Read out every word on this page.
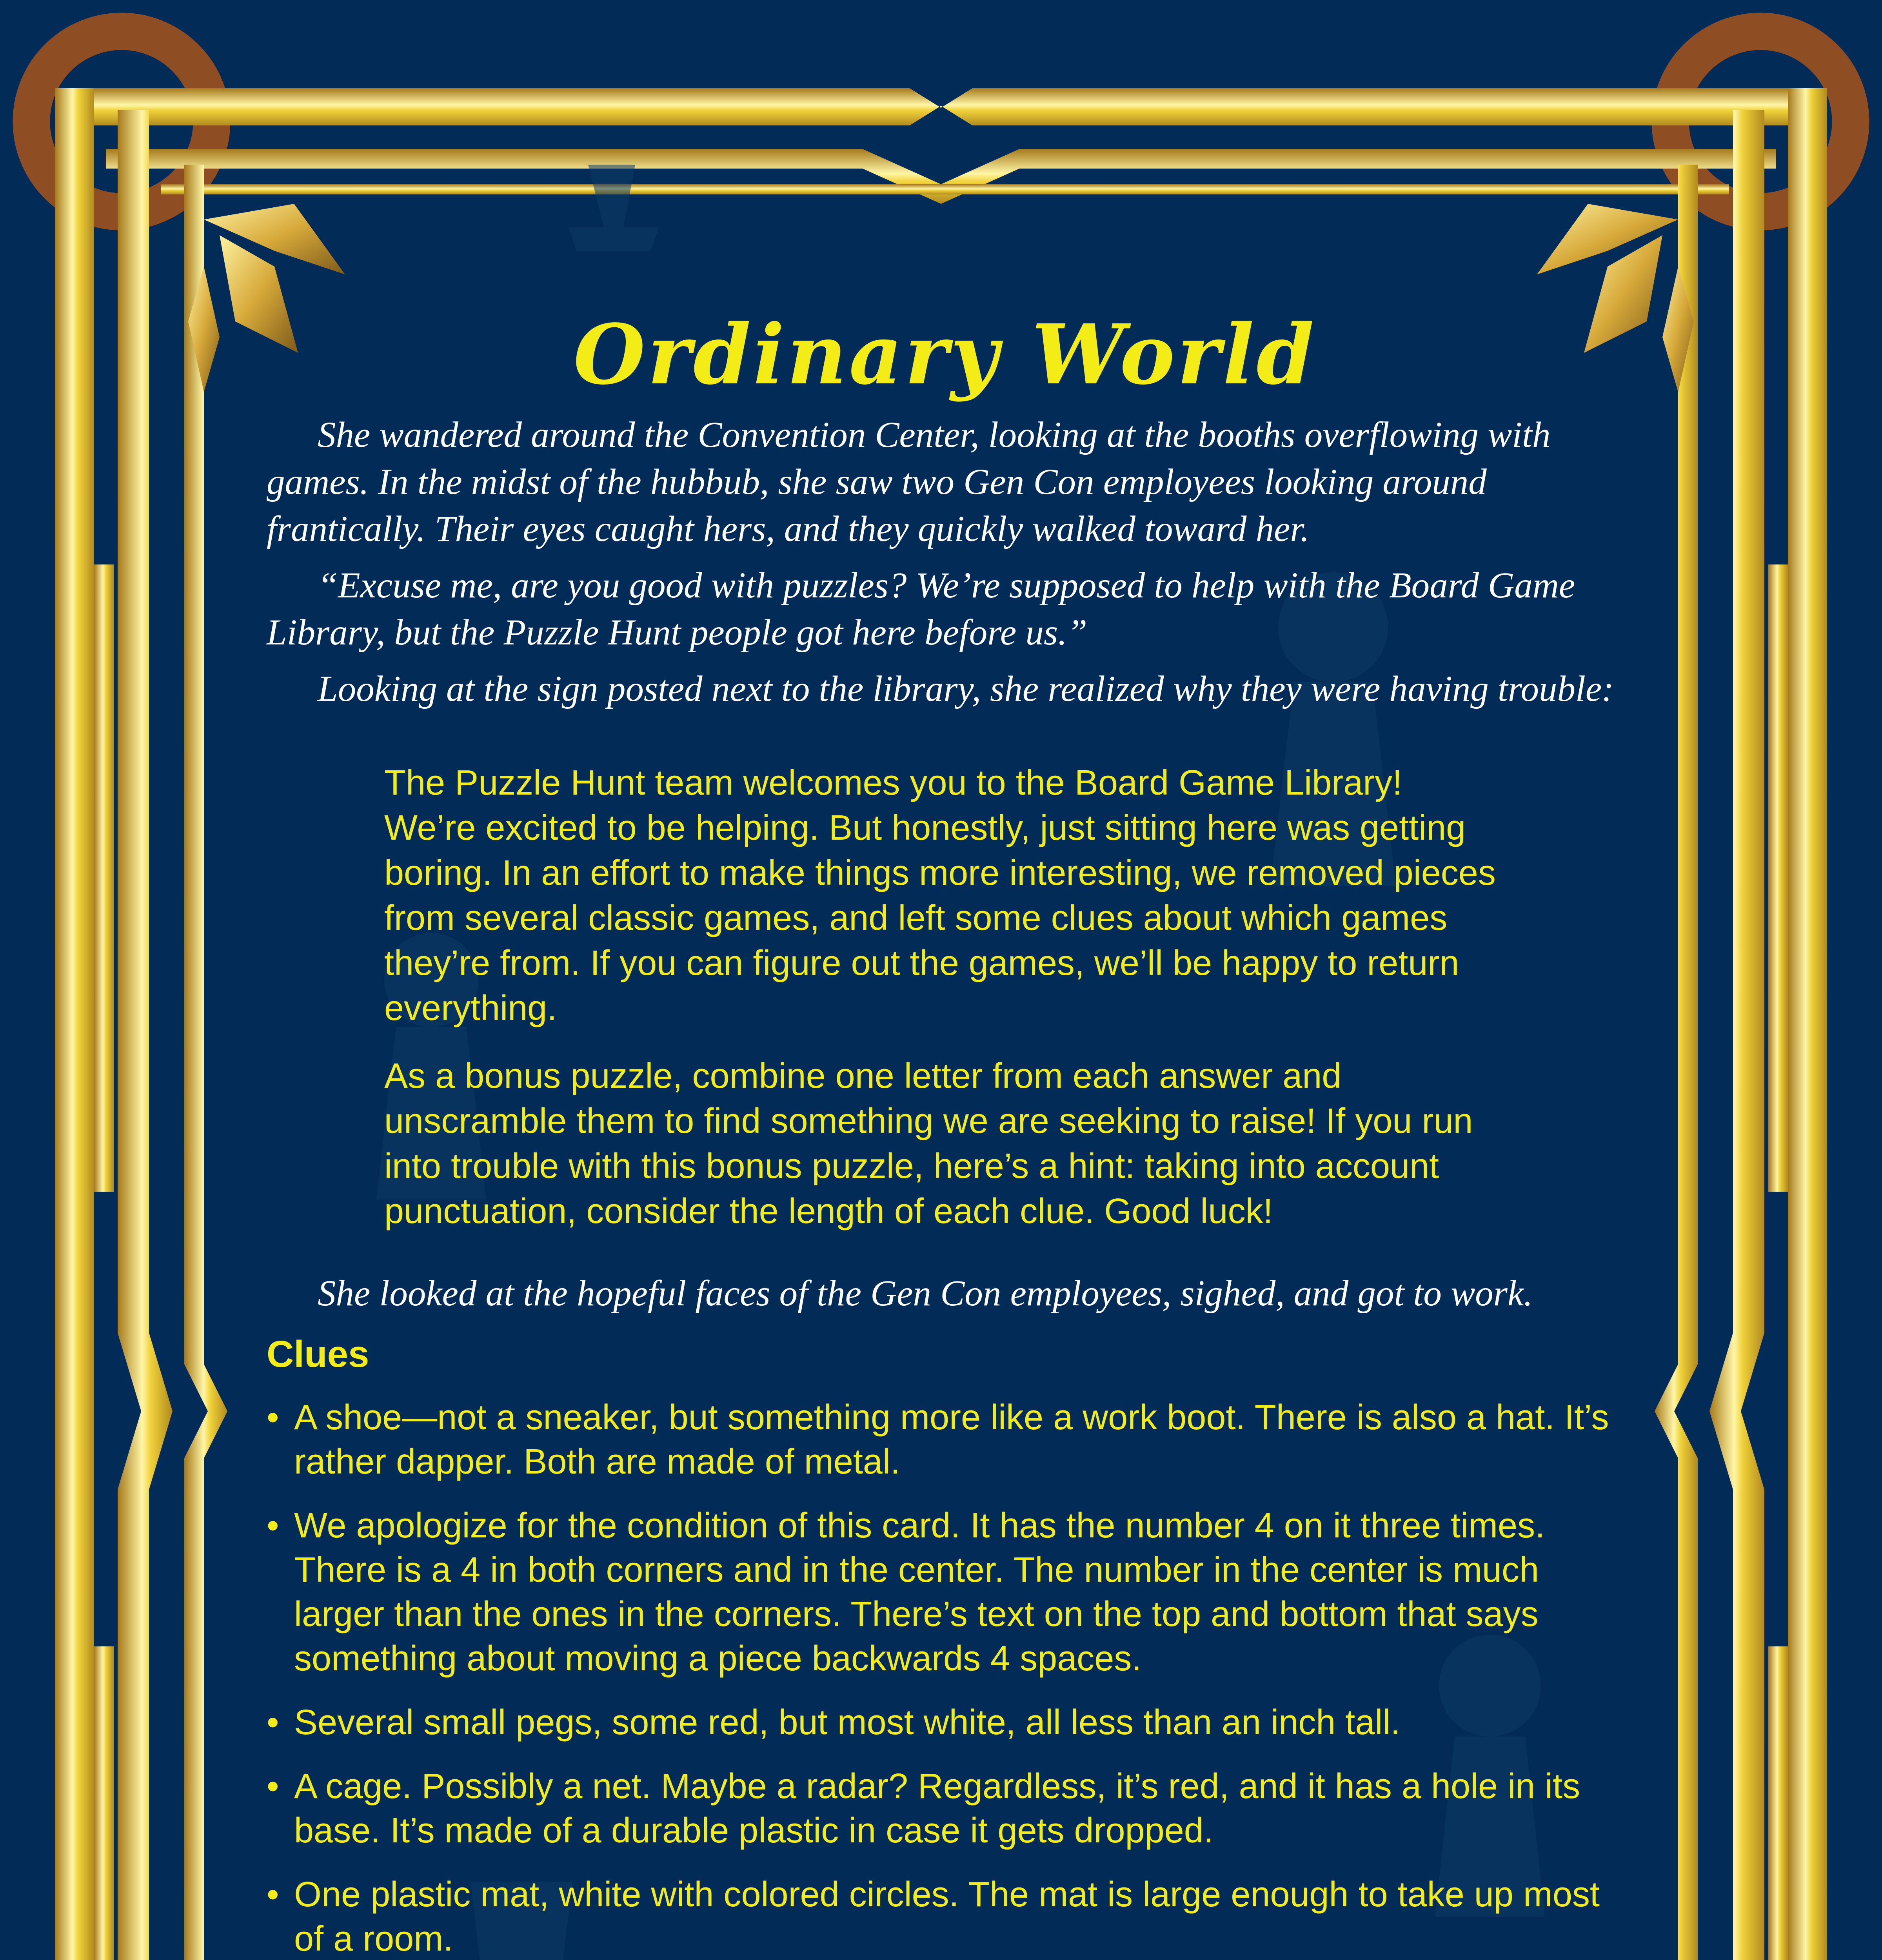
Ordinary World

She wandered around the Convention Center, looking at the booths overflowing with games. In the midst of the hubbub, she saw two Gen Con employees looking around frantically. Their eyes caught hers, and they quickly walked toward her.

“Excuse me, are you good with puzzles? We’re supposed to help with the Board Game Library, but the Puzzle Hunt people got here before us.”

Looking at the sign posted next to the library, she realized why they were having trouble:

The Puzzle Hunt team welcomes you to the Board Game Library! We’re excited to be helping. But honestly, just sitting here was getting boring. In an effort to make things more interesting, we removed pieces from several classic games, and left some clues about which games they’re from. If you can figure out the games, we’ll be happy to return everything.

As a bonus puzzle, combine one letter from each answer and unscramble them to find something we are seeking to raise! If you run into trouble with this bonus puzzle, here’s a hint: taking into account punctuation, consider the length of each clue. Good luck!

She looked at the hopeful faces of the Gen Con employees, sighed, and got to work.

Clues
• A shoe—not a sneaker, but something more like a work boot. There is also a hat. It’s rather dapper. Both are made of metal.
• We apologize for the condition of this card. It has the number 4 on it three times. There is a 4 in both corners and in the center. The number in the center is much larger than the ones in the corners. There’s text on the top and bottom that says something about moving a piece backwards 4 spaces.
• Several small pegs, some red, but most white, all less than an inch tall.
• A cage. Possibly a net. Maybe a radar? Regardless, it’s red, and it has a hole in its base. It’s made of a durable plastic in case it gets dropped.
• One plastic mat, white with colored circles. The mat is large enough to take up most of a room.
